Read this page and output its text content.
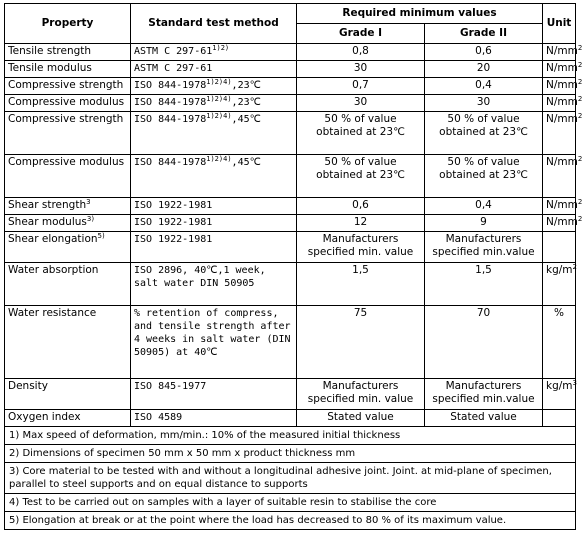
Property	Standard test method	Required minimum values		Unit
		Grade I	Grade II	
Tensile strength	ASTM C $297-61^{1)2)}$	0,8	0,6	$N/mm^2$
Tensile modulus	ASTM C 297-61	30	20	$N/mm^2$
Compressive strength	ISO $844-1978^{1)2)4)},23℃$	0,7	0,4	$N/mm^2$
Compressive modulus	ISO $844-1978^{1)2)4)},23℃$	30	30	$N/mm^2$
Compressive strength	ISO $844-1978^{1)2)4)},45℃$	50 % of value obtained at 23℃	50 % of value obtained at 23℃	$N/mm^2$
Compressive modulus	ISO $844-1978^{1)2)4)},45℃$	50 % of value obtained at 23℃	50 % of value obtained at 23℃	$N/mm^2$
Shear strength$^3$	ISO 1922-1981	0,6	0,4	$N/mm^2$
Shear modulus$^{3)}$	ISO 1922-1981	12	9	$N/mm^2$
Shear elongation$^{5)}$	ISO 1922-1981	Manufacturers specified min. value	Manufacturers specified min.value	
Water absorption	ISO 2896, 40℃,1 week, salt water DIN 50905	1,5	1,5	$kg/m^2$
Water resistance	% retention of compress, and tensile strength after 4 weeks in salt water (DIN 50905) at 40℃	75	70	%
Density	ISO 845-1977	Manufacturers specified min. value	Manufacturers specified min.value	$kg/m^3$
Oxygen index	ISO 4589	Stated value	Stated value	
1) Max speed of deformation, mm/min.: 10% of the measured initial thickness				
2) Dimensions of specimen 50 mm x 50 mm x product thickness mm				
3) Core material to be tested with and without a longitudinal adhesive joint. Joint. at mid-plane of specimen, parallel to steel supports and on equal distance to supports				
4) Test to be carried out on samples with a layer of suitable resin to stabilise the core				
5) Elongation at break or at the point where the load has decreased to 80 % of its maximum value.				
